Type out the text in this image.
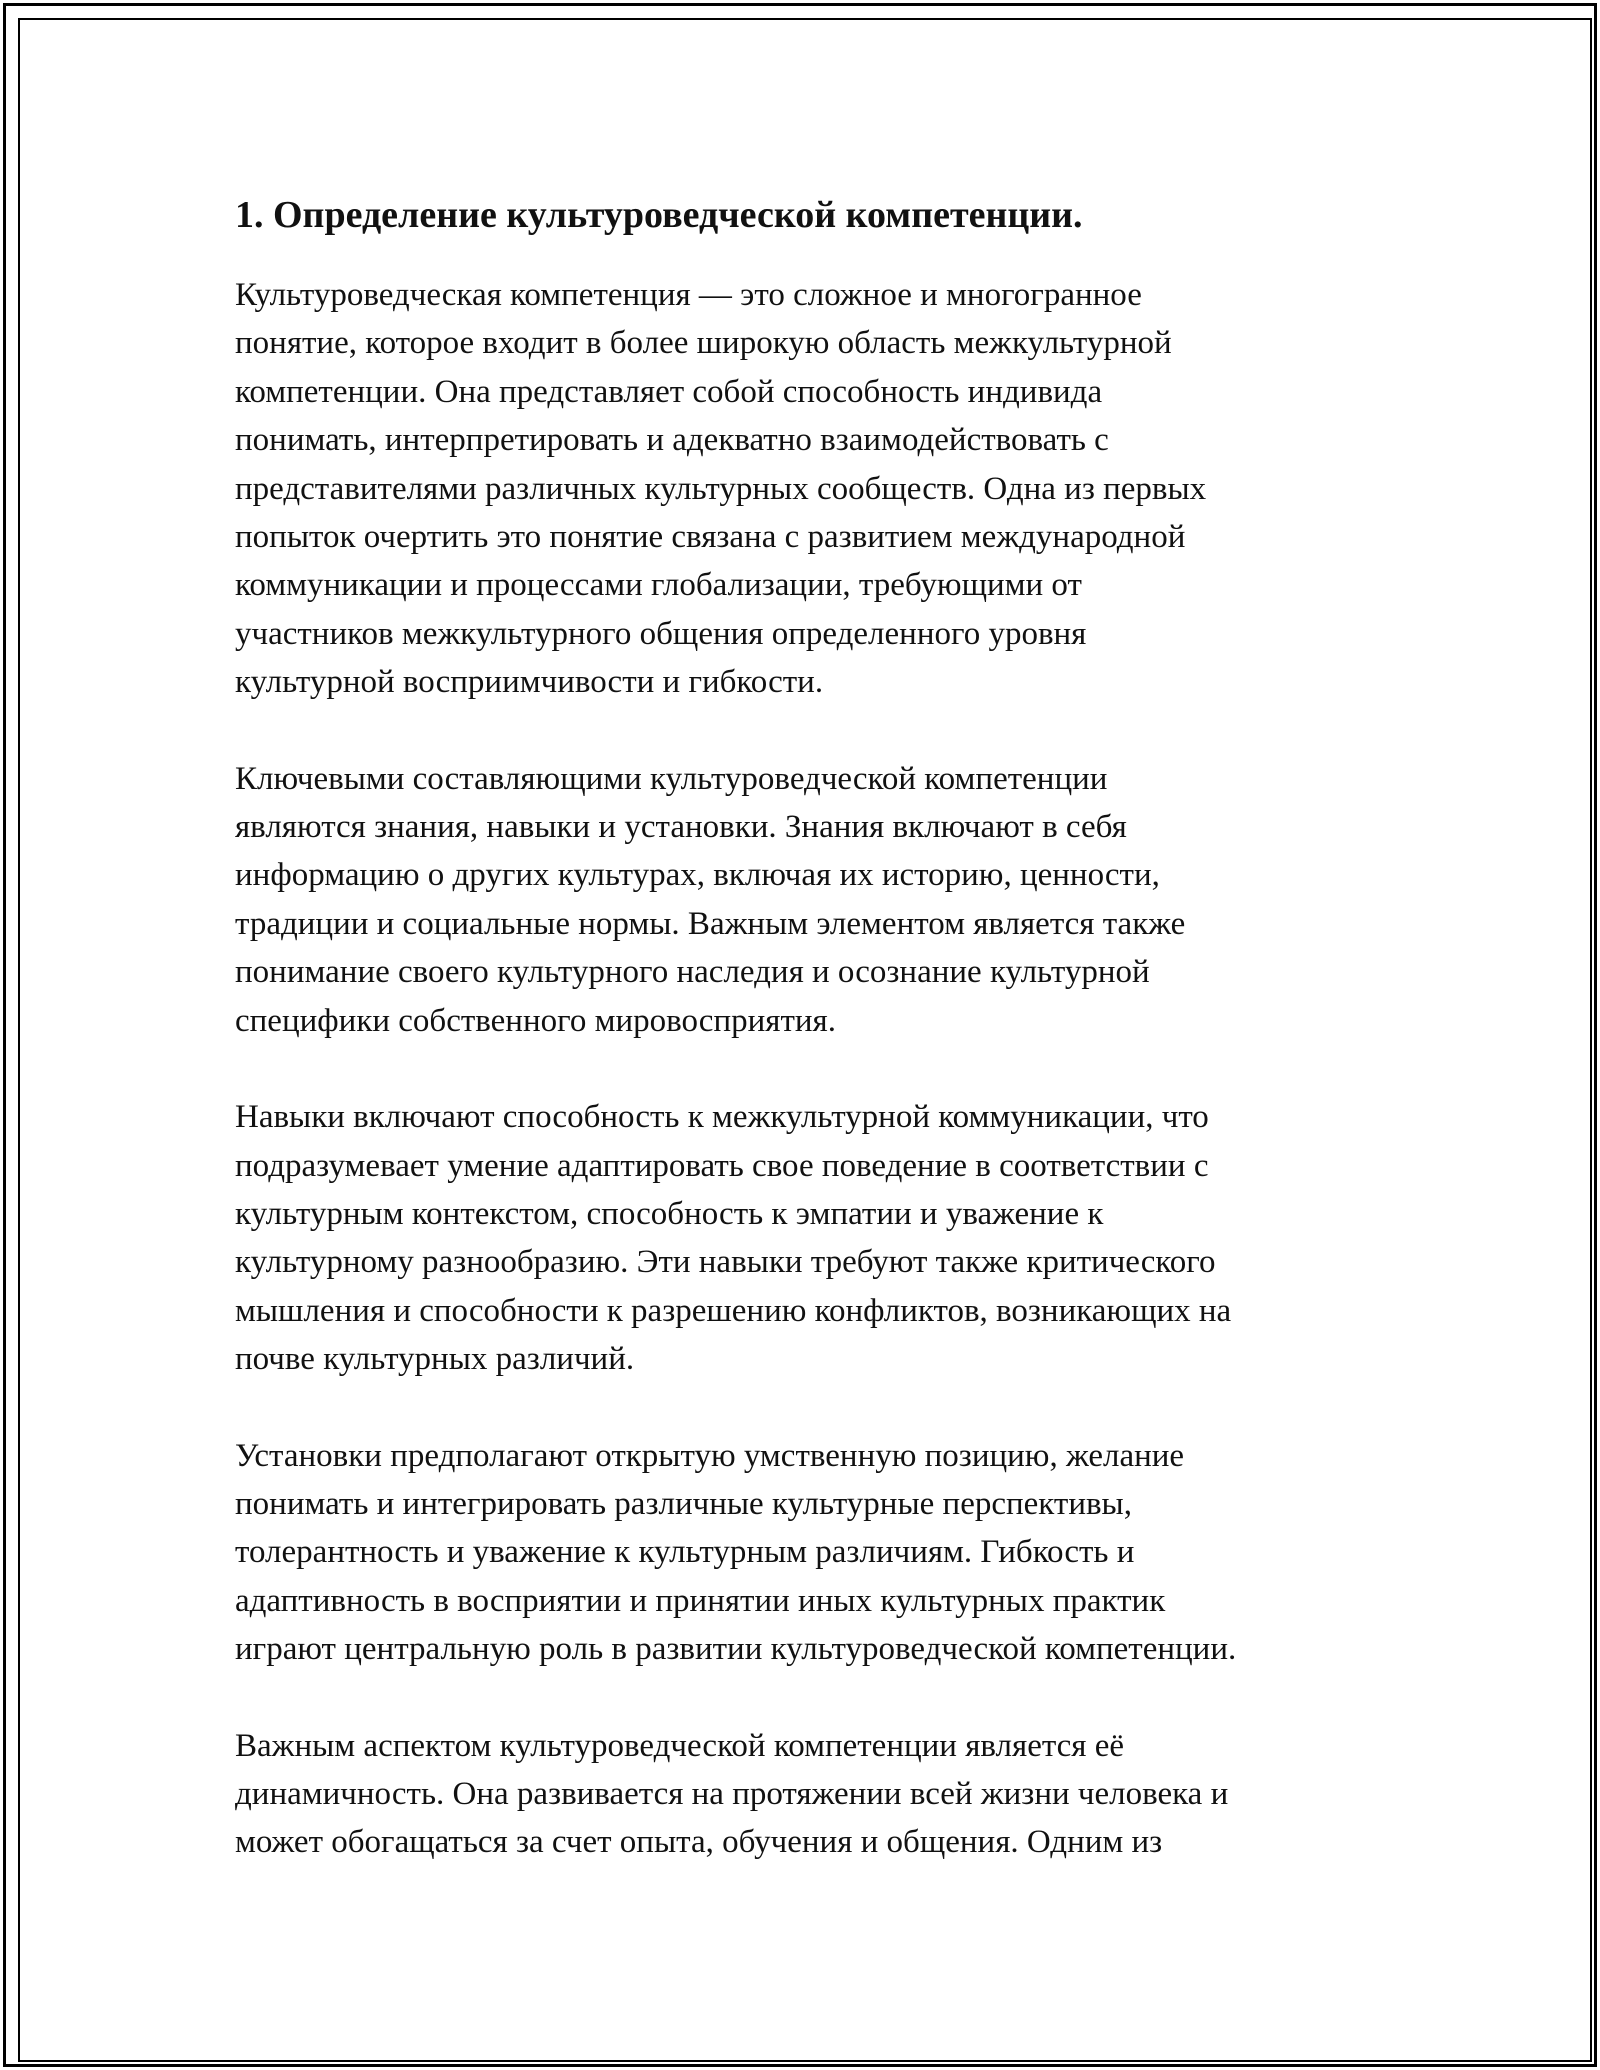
1. Определение культуроведческой компетенции.

Культуроведческая компетенция — это сложное и многогранное
понятие, которое входит в более широкую область межкультурной
компетенции. Она представляет собой способность индивида
понимать, интерпретировать и адекватно взаимодействовать с
представителями различных культурных сообществ. Одна из первых
попыток очертить это понятие связана с развитием международной
коммуникации и процессами глобализации, требующими от
участников межкультурного общения определенного уровня
культурной восприимчивости и гибкости.

Ключевыми составляющими культуроведческой компетенции
являются знания, навыки и установки. Знания включают в себя
информацию о других культурах, включая их историю, ценности,
традиции и социальные нормы. Важным элементом является также
понимание своего культурного наследия и осознание культурной
специфики собственного мировосприятия.

Навыки включают способность к межкультурной коммуникации, что
подразумевает умение адаптировать свое поведение в соответствии с
культурным контекстом, способность к эмпатии и уважение к
культурному разнообразию. Эти навыки требуют также критического
мышления и способности к разрешению конфликтов, возникающих на
почве культурных различий.

Установки предполагают открытую умственную позицию, желание
понимать и интегрировать различные культурные перспективы,
толерантность и уважение к культурным различиям. Гибкость и
адаптивность в восприятии и принятии иных культурных практик
играют центральную роль в развитии культуроведческой компетенции.

Важным аспектом культуроведческой компетенции является её
динамичность. Она развивается на протяжении всей жизни человека и
может обогащаться за счет опыта, обучения и общения. Одним из
